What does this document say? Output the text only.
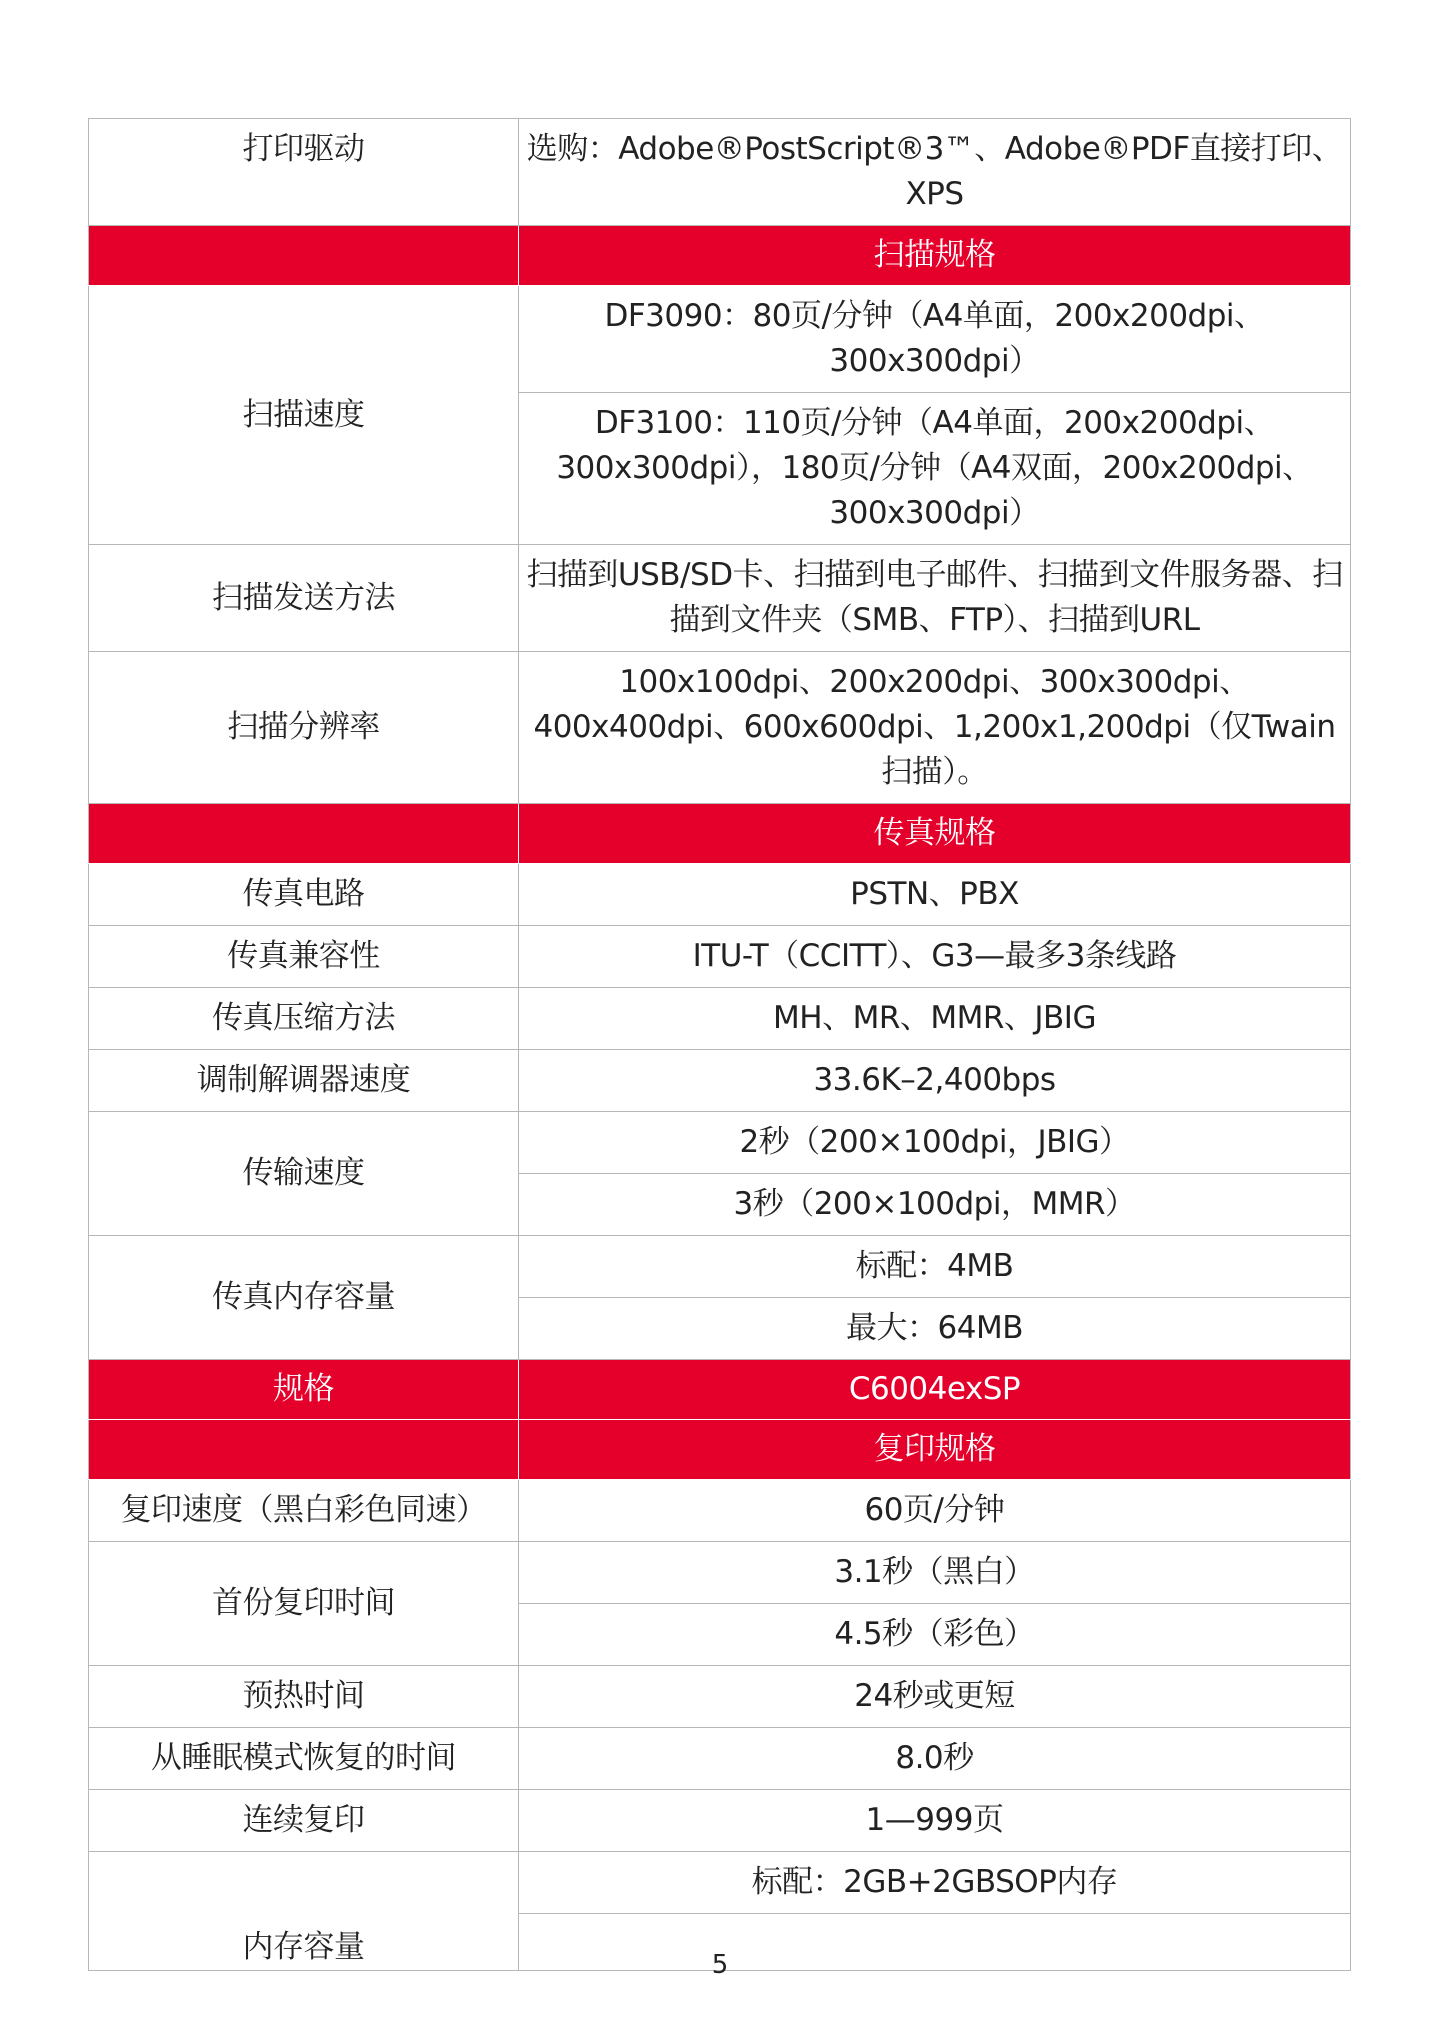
打印驱动	选购：Adobe®PostScript®3™、Adobe®PDF直接打印、XPS
	扫描规格
扫描速度	DF3090：80页/分钟（A4单面，200x200dpi、300x300dpi）
	DF3100：110页/分钟（A4单面，200x200dpi、300x300dpi），180页/分钟（A4双面，200x200dpi、300x300dpi）
扫描发送方法	扫描到USB/SD卡、扫描到电子邮件、扫描到文件服务器、扫描到文件夹（SMB、FTP）、扫描到URL
扫描分辨率	100x100dpi、200x200dpi、300x300dpi、400x400dpi、600x600dpi、1,200x1,200dpi（仅Twain扫描）。
	传真规格
传真电路	PSTN、PBX
传真兼容性	ITU-T（CCITT）、G3—最多3条线路
传真压缩方法	MH、MR、MMR、JBIG
调制解调器速度	33.6K–2,400bps
传输速度	2秒（200×100dpi，JBIG）
	3秒（200×100dpi，MMR）
传真内存容量	标配：4MB
	最大：64MB
规格	C6004exSP
	复印规格
复印速度（黑白彩色同速）	60页/分钟
首份复印时间	3.1秒（黑白）
	4.5秒（彩色）
预热时间	24秒或更短
从睡眠模式恢复的时间	8.0秒
连续复印	1—999页
内存容量	标配：2GB+2GBSOP内存

5
